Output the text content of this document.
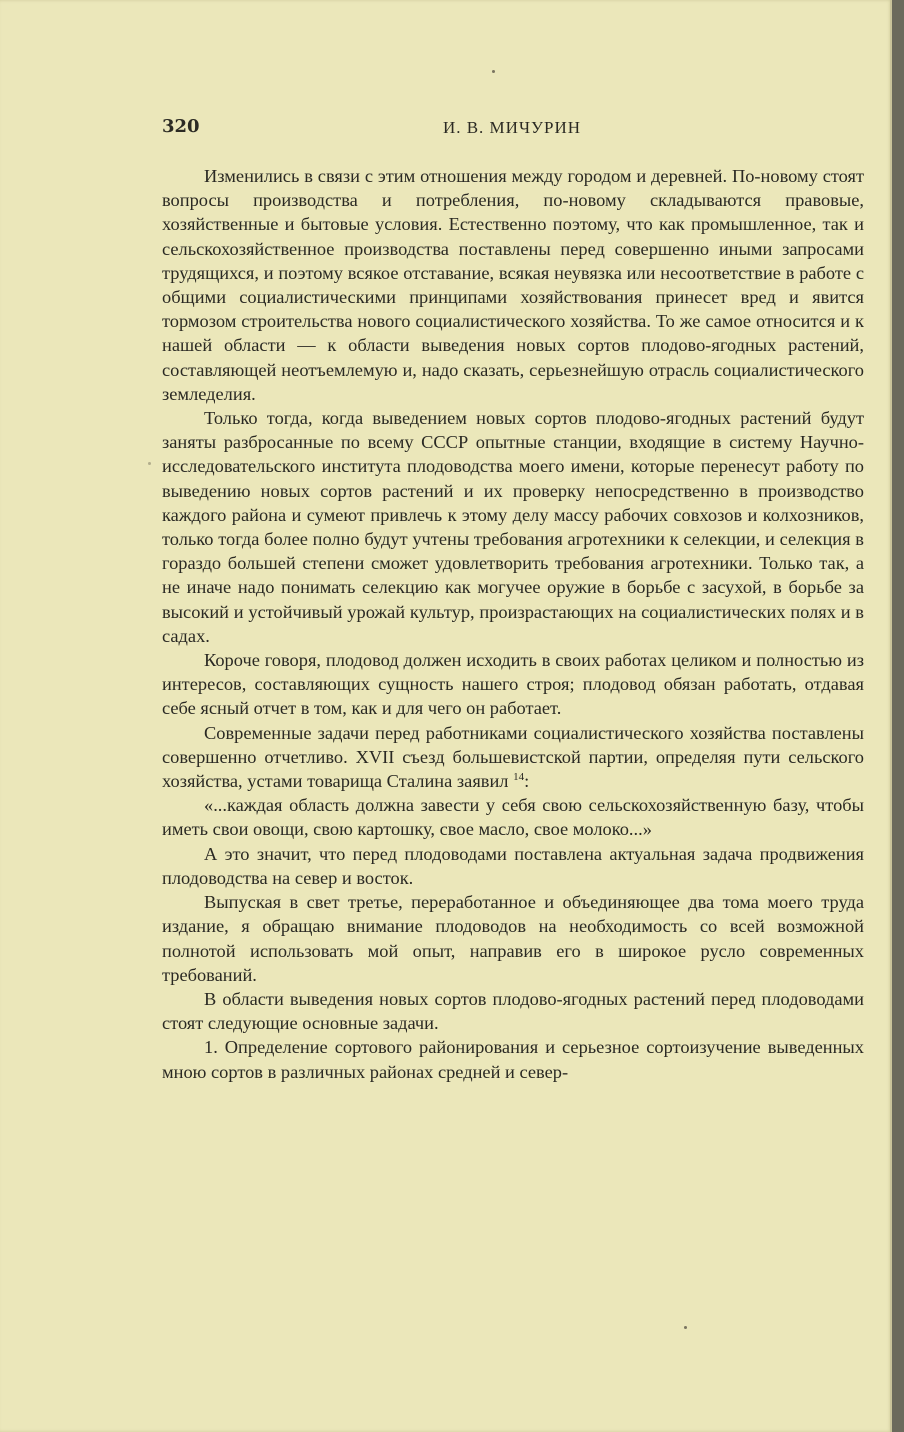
320	И. В. МИЧУРИН

Изменились в связи с этим отношения между городом и деревней. По-новому стоят вопросы производства и потребления, по-новому складываются правовые, хозяйственные и бытовые условия. Естественно поэтому, что как промышленное, так и сельскохозяйственное производства поставлены перед совершенно иными запросами трудящихся, и поэтому всякое отставание, всякая неувязка или несоответствие в работе с общими социалистическими принципами хозяйствования принесет вред и явится тормозом строительства нового социалистического хозяйства. То же самое относится и к нашей области — к области выведения новых сортов плодово-ягодных растений, составляющей неотъемлемую и, надо сказать, серьезнейшую отрасль социалистического земледелия.

Только тогда, когда выведением новых сортов плодово-ягодных растений будут заняты разбросанные по всему СССР опытные станции, входящие в систему Научно-исследовательского института плодоводства моего имени, которые перенесут работу по выведению новых сортов растений и их проверку непосредственно в производство каждого района и сумеют привлечь к этому делу массу рабочих совхозов и колхозников, только тогда более полно будут учтены требования агротехники к селекции, и селекция в гораздо большей степени сможет удовлетворить требования агротехники. Только так, а не иначе надо понимать селекцию как могучее оружие в борьбе с засухой, в борьбе за высокий и устойчивый урожай культур, произрастающих на социалистических полях и в садах.

Короче говоря, плодовод должен исходить в своих работах целиком и полностью из интересов, составляющих сущность нашего строя; плодовод обязан работать, отдавая себе ясный отчет в том, как и для чего он работает.

Современные задачи перед работниками социалистического хозяйства поставлены совершенно отчетливо. XVII съезд большевистской партии, определяя пути сельского хозяйства, устами товарища Сталина заявил $^{14}$:

«...каждая область должна завести у себя свою сельскохозяйственную базу, чтобы иметь свои овощи, свою картошку, свое масло, свое молоко...»

А это значит, что перед плодоводами поставлена актуальная задача продвижения плодоводства на север и восток.

Выпуская в свет третье, переработанное и объединяющее два тома моего труда издание, я обращаю внимание плодоводов на необходимость со всей возможной полнотой использовать мой опыт, направив его в широкое русло современных требований.

В области выведения новых сортов плодово-ягодных растений перед плодоводами стоят следующие основные задачи.

1. Определение сортового районирования и серьезное сортоизучение выведенных мною сортов в различных районах средней и север-
